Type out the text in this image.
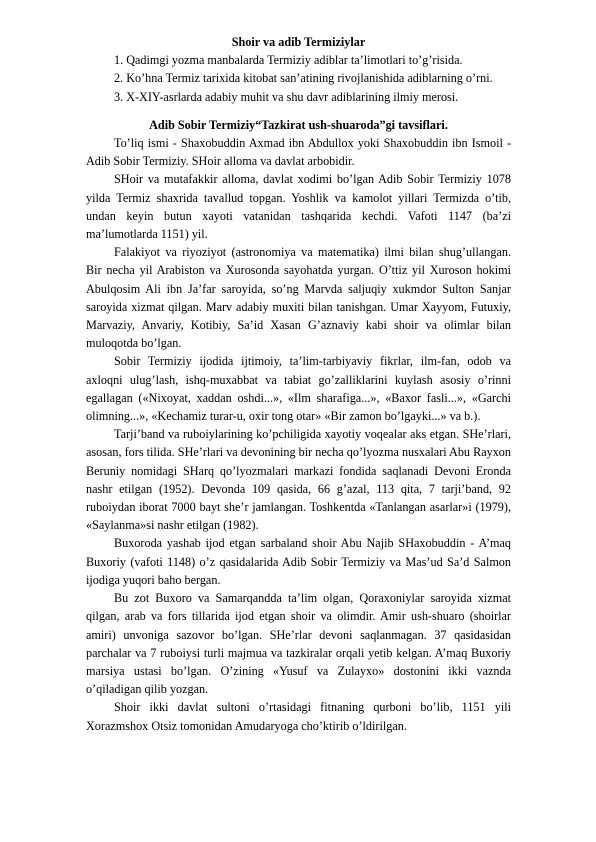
Shoir va adib Termiziylar

1. Qadimgi yozma manbalarda Termiziy adiblar ta’limotlari to’g’risida.

2. Ko’hna Termiz tarixida kitobat san’atining rivojlanishida adiblarning o’rni.

3. X-XIY-asrlarda adabiy muhit va shu davr adiblarining ilmiy merosi.

Adib Sobir Termiziy“Tazkirat ush-shuaroda”gi tavsiflari.

To’liq ismi - Shaxobuddin Axmad ibn Abdullox yoki Shaxobuddin ibn Ismoil - Adib Sobir Termiziy. SHoir alloma va davlat arbobidir.

SHoir va mutafakkir alloma, davlat xodimi bo’lgan Adib Sobir Termiziy 1078 yilda Termiz shaxrida tavallud topgan. Yoshlik va kamolot yillari Termizda o’tib, undan keyin butun xayoti vatanidan tashqarida kechdi. Vafoti 1147 (ba’zi ma’lumotlarda 1151) yil.

Falakiyot va riyoziyot (astronomiya va matematika) ilmi bilan shug’ullangan. Bir necha yil Arabiston va Xurosonda sayohatda yurgan. O’ttiz yil Xuroson hokimi Abulqosim Ali ibn Ja’far saroyida, so’ng Marvda saljuqiy xukmdor Sulton Sanjar saroyida xizmat qilgan. Marv adabiy muxiti bilan tanishgan. Umar Xayyom, Futuxiy, Marvaziy, Anvariy, Kotibiy, Sa’id Xasan G’aznaviy kabi shoir va olimlar bilan muloqotda bo’lgan.

Sobir Termiziy ijodida ijtimoiy, ta’lim-tarbiyaviy fikrlar, ilm-fan, odob va axloqni ulug’lash, ishq-muxabbat va tabiat go’zalliklarini kuylash asosiy o’rinni egallagan («Nixoyat, xaddan oshdi...», «Ilm sharafiga...», «Baxor fasli...», «Garchi olimning...», «Kechamiz turar-u, oxir tong otar» «Bir zamon bo’lgayki...» va b.).

Tarji’band va ruboiylarining ko’pchiligida xayotiy voqealar aks etgan. SHe’rlari, asosan, fors tilida. SHe’rlari va devonining bir necha qo’lyozma nusxalari Abu Rayxon Beruniy nomidagi SHarq qo’lyozmalari markazi fondida saqlanadi Devoni Eronda nashr etilgan (1952). Devonda 109 qasida, 66 g’azal, 113 qita, 7 tarji’band, 92 ruboiydan iborat 7000 bayt she’r jamlangan. Toshkentda «Tanlangan asarlar»i (1979), «Saylanma»si nashr etilgan (1982).

Buxoroda yashab ijod etgan sarbaland shoir Abu Najib SHaxobuddin - A’maq Buxoriy (vafoti 1148) o’z qasidalarida Adib Sobir Termiziy va Mas’ud Sa’d Salmon ijodiga yuqori baho bergan.

Bu zot Buxoro va Samarqandda ta’lim olgan, Qoraxoniylar saroyida xizmat qilgan, arab va fors tillarida ijod etgan shoir va olimdir. Amir ush-shuaro (shoirlar amiri) unvoniga sazovor bo’lgan. SHe’rlar devoni saqlanmagan. 37 qasidasidan parchalar va 7 ruboiysi turli majmua va tazkiralar orqali yetib kelgan. A’maq Buxoriy marsiya ustasi bo’lgan. O’zining «Yusuf va Zulayxo» dostonini ikki vaznda o’qiladigan qilib yozgan.

Shoir ikki davlat sultoni o’rtasidagi fitnaning qurboni bo’lib, 1151 yili Xorazmshox Otsiz tomonidan Amudaryoga cho’ktirib o’ldirilgan.
